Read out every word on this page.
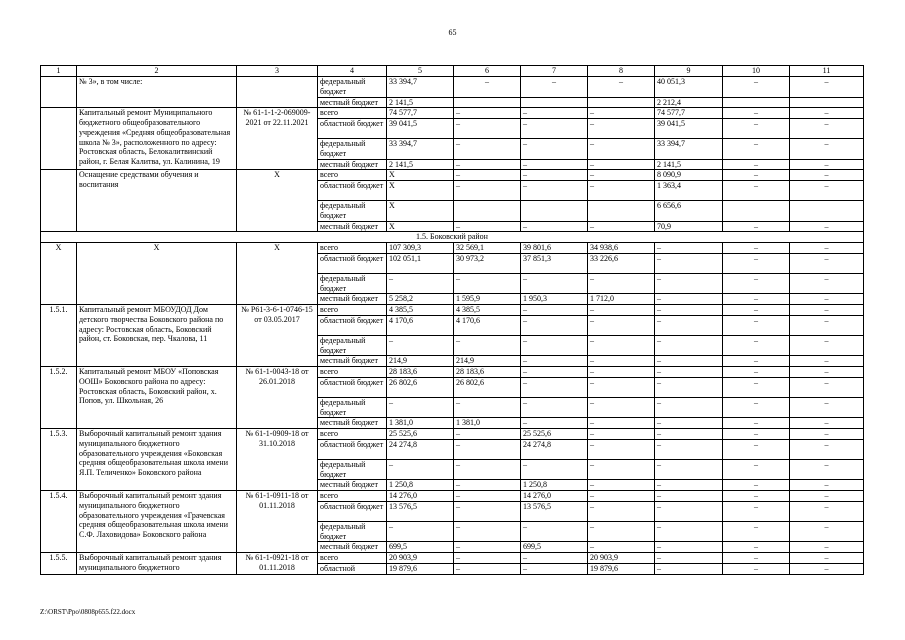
65
1	2	3	4	5	6	7	8	9	10	11
	№ 3», в том числе:		федеральный бюджет	33 394,7	–	–	–	40 051,3	–	–
			местный бюджет	2 141,5				2 212,4		
	Капитальный ремонт Муниципального бюджетного общеобразовательного учреждения «Средняя общеобразовательная школа № 3», расположенного по адресу: Ростовская область, Белокалитвинский район, г. Белая Калитва, ул. Калинина, 19	№ 61-1-1-2-069009-2021 от 22.11.2021	всего	74 577,7	–	–	–	74 577,7	–	–
			областной бюджет	39 041,5	–	–	–	39 041,5	–	–
			федеральный бюджет	33 394,7	–	–	–	33 394,7	–	–
			местный бюджет	2 141,5	–	–	–	2 141,5	–	–
	Оснащение средствами обучения и воспитания	X	всего	X	–	–	–	8 090,9	–	–
			областной бюджет	X	–	–	–	1 363,4	–	–
			федеральный бюджет	X				6 656,6		
			местный бюджет	X	–	–	–	70,9	–	–
1.5. Боковский район										
X	X	X	всего	107 309,3	32 569,1	39 801,6	34 938,6	–	–	–
			областной бюджет	102 051,1	30 973,2	37 851,3	33 226,6	–	–	–
			федеральный бюджет	–	–	–	–	–	–	–
			местный бюджет	5 258,2	1 595,9	1 950,3	1 712,0	–	–	–
1.5.1.	Капитальный ремонт МБОУДОД Дом детского творчества Боковского района по адресу: Ростовская область, Боковский район, ст. Боковская, пер. Чкалова, 11	№ Р61-3-6-1-0746-15 от 03.05.2017	всего	4 385,5	4 385,5	–	–	–	–	–
			областной бюджет	4 170,6	4 170,6	–	–	–	–	–
			федеральный бюджет	–	–	–	–	–	–	–
			местный бюджет	214,9	214,9	–	–	–	–	–
1.5.2.	Капитальный ремонт МБОУ «Поповская ООШ» Боковского района по адресу: Ростовская область, Боковский район, х. Попов, ул. Школьная, 26	№ 61-1-0043-18 от 26.01.2018	всего	28 183,6	28 183,6	–	–	–	–	–
			областной бюджет	26 802,6	26 802,6	–	–	–	–	–
			федеральный бюджет	–	–	–	–	–	–	–
			местный бюджет	1 381,0	1 381,0	–	–	–	–	–
1.5.3.	Выборочный капитальный ремонт здания муниципального бюджетного образовательного учреждения «Боковская средняя общеобразовательная школа имени Я.П. Теличенко» Боковского района	№ 61-1-0909-18 от 31.10.2018	всего	25 525,6	–	25 525,6	–	–	–	–
			областной бюджет	24 274,8	–	24 274,8	–	–	–	–
			федеральный бюджет	–	–	–	–	–	–	–
			местный бюджет	1 250,8	–	1 250,8	–	–	–	–
1.5.4.	Выборочный капитальный ремонт здания муниципального бюджетного образовательного учреждения «Грачевская средняя общеобразовательная школа имени С.Ф. Лаховидова» Боковского района	№ 61-1-0911-18 от 01.11.2018	всего	14 276,0	–	14 276,0	–	–	–	–
			областной бюджет	13 576,5	–	13 576,5	–	–	–	–
			федеральный бюджет	–	–	–	–	–	–	–
			местный бюджет	699,5	–	699,5	–	–	–	–
1.5.5.	Выборочный капитальный ремонт здания муниципального бюджетного	№ 61-1-0921-18 от 01.11.2018	всего	20 903,9	–	–	20 903,9	–	–	–
			областной	19 879,6	–	–	19 879,6	–	–	–
Z:\ORST\Ppo\0808p655.f22.docx
